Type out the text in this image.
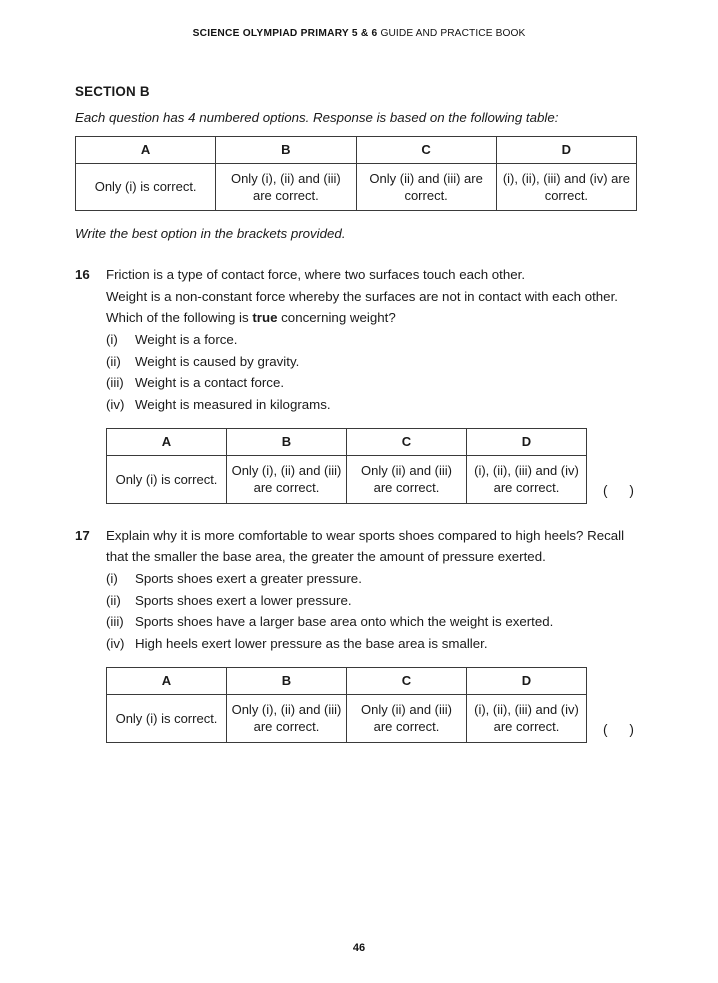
SCIENCE OLYMPIAD PRIMARY 5 & 6 GUIDE AND PRACTICE BOOK
SECTION B
Each question has 4 numbered options. Response is based on the following table:
A	B	C	D
Only (i) is correct.	Only (i), (ii) and (iii) are correct.	Only (ii) and (iii) are correct.	(i), (ii), (iii) and (iv) are correct.
Write the best option in the brackets provided.
16 Friction is a type of contact force, where two surfaces touch each other.

Weight is a non-constant force whereby the surfaces are not in contact with each other.

Which of the following is true concerning weight?

(i)	Weight is a force.
(ii)	Weight is caused by gravity.
(iii) Weight is a contact force.
(iv) Weight is measured in kilograms.
A	B	C	D
Only (i) is correct.	Only (i), (ii) and (iii) are correct.	Only (ii) and (iii) are correct.	(i), (ii), (iii) and (iv) are correct.	(     )
17 Explain why it is more comfortable to wear sports shoes compared to high heels? Recall that the smaller the base area, the greater the amount of pressure exerted.

(i)	Sports shoes exert a greater pressure.
(ii)	Sports shoes exert a lower pressure.
(iii) Sports shoes have a larger base area onto which the weight is exerted.
(iv) High heels exert lower pressure as the base area is smaller.
A	B	C	D
Only (i) is correct.	Only (i), (ii) and (iii) are correct.	Only (ii) and (iii) are correct.	(i), (ii), (iii) and (iv) are correct.	(     )
46
